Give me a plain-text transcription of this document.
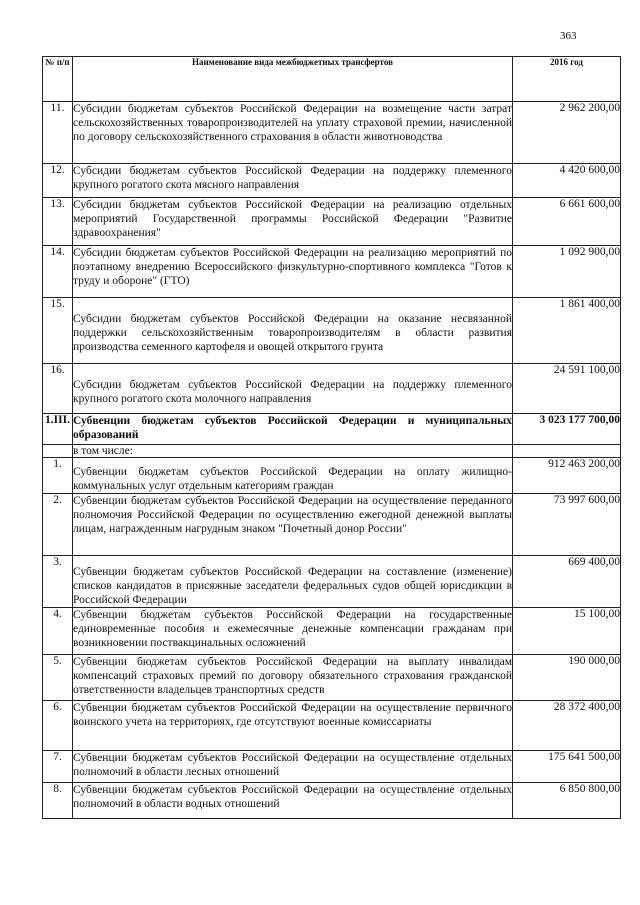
363
№ п/п	Наименование вида межбюджетных трансфертов	2016 год
11.	Субсидии бюджетам субъектов Российской Федерации на возмещение части затрат сельскохозяйственных товаропроизводителей на уплату страховой премии, начисленной по договору сельскохозяйственного страхования в области животноводства	2 962 200,00
12.	Субсидии бюджетам субъектов Российской Федерации на поддержку племенного крупного рогатого скота мясного направления	4 420 600,00
13.	Субсидии бюджетам субъектов Российской Федерации на реализацию отдельных мероприятий Государственной программы Российской Федерации "Развитие здравоохранения"	6 661 600,00
14.	Субсидии бюджетам субъектов Российской Федерации на реализацию мероприятий по поэтапному внедрению Всероссийского физкультурно-спортивного комплекса "Готов к труду и обороне" (ГТО)	1 092 900,00
15.	Субсидии бюджетам субъектов Российской Федерации на оказание несвязанной поддержки сельскохозяйственным товаропроизводителям в области развития производства семенного картофеля и овощей открытого грунта	1 861 400,00
16.	Субсидии бюджетам субъектов Российской Федерации на поддержку племенного крупного рогатого скота молочного направления	24 591 100,00
1.III.	Субвенции бюджетам субъектов Российской Федерации и муниципальных образований	3 023 177 700,00
	в том числе:	
1.	Субвенции бюджетам субъектов Российской Федерации на оплату жилищно-коммунальных услуг отдельным категориям граждан	912 463 200,00
2.	Субвенции бюджетам субъектов Российской Федерации на осуществление переданного полномочия Российской Федерации по осуществлению ежегодной денежной выплаты лицам, награжденным нагрудным знаком "Почетный донор России"	73 997 600,00
3.	Субвенции бюджетам субъектов Российской Федерации на составление (изменение) списков кандидатов в присяжные заседатели федеральных судов общей юрисдикции в Российской Федерации	669 400,00
4.	Субвенции бюджетам субъектов Российской Федерации на государственные единовременные пособия и ежемесячные денежные компенсации гражданам при возникновении поствакцинальных осложнений	15 100,00
5.	Субвенции бюджетам субъектов Российской Федерации на выплату инвалидам компенсаций страховых премий по договору обязательного страхования гражданской ответственности владельцев транспортных средств	190 000,00
6.	Субвенции бюджетам субъектов Российской Федерации на осуществление первичного воинского учета на территориях, где отсутствуют военные комиссариаты	28 372 400,00
7.	Субвенции бюджетам субъектов Российской Федерации на осуществление отдельных полномочий в области лесных отношений	175 641 500,00
8.	Субвенции бюджетам субъектов Российской Федерации на осуществление отдельных полномочий в области водных отношений	6 850 800,00
